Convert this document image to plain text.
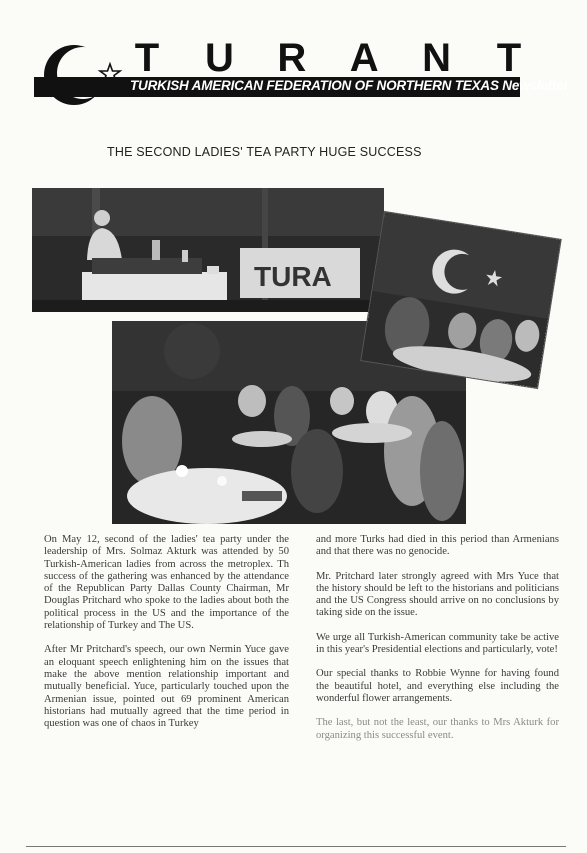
TURKISH AMERICAN FEDERATION OF NORTHERN TEXAS Newsletter
T U R A N T
THE SECOND LADIES' TEA PARTY HUGE SUCCESS
TURA

On May 12, second of the ladies' tea party under the leadership of Mrs. Solmaz Akturk was attended by 50 Turkish-American ladies from across the metroplex. Th success of the gathering was enhanced by the attendance of the Republican Party Dallas County Chairman, Mr Douglas Pritchard who spoke to the ladies about both the political process in the US and the importance of the relationship of Turkey and The US.

After Mr Pritchard's speech, our own Nermin Yuce gave an eloquant speech enlightening him on the issues that make the above mention relationship important and mutually beneficial. Yuce, particularly touched upon the Armenian issue, pointed out 69 prominent American historians had mutually agreed that the time period in question was one of chaos in Turkey

and more Turks had died in this period than Armenians and that there was no genocide.

Mr. Pritchard later strongly agreed with Mrs Yuce that the history should be left to the historians and politicians and the US Congress should arrive on no conclusions by taking side on the issue.

We urge all Turkish-American community take be active in this year's Presidential elections and particularly, vote!

Our special thanks to Robbie Wynne for having found the beautiful hotel, and everything else including the wonderful flower arrangements.

The last, but not the least, our thanks to Mrs Akturk for organizing this successful event.
